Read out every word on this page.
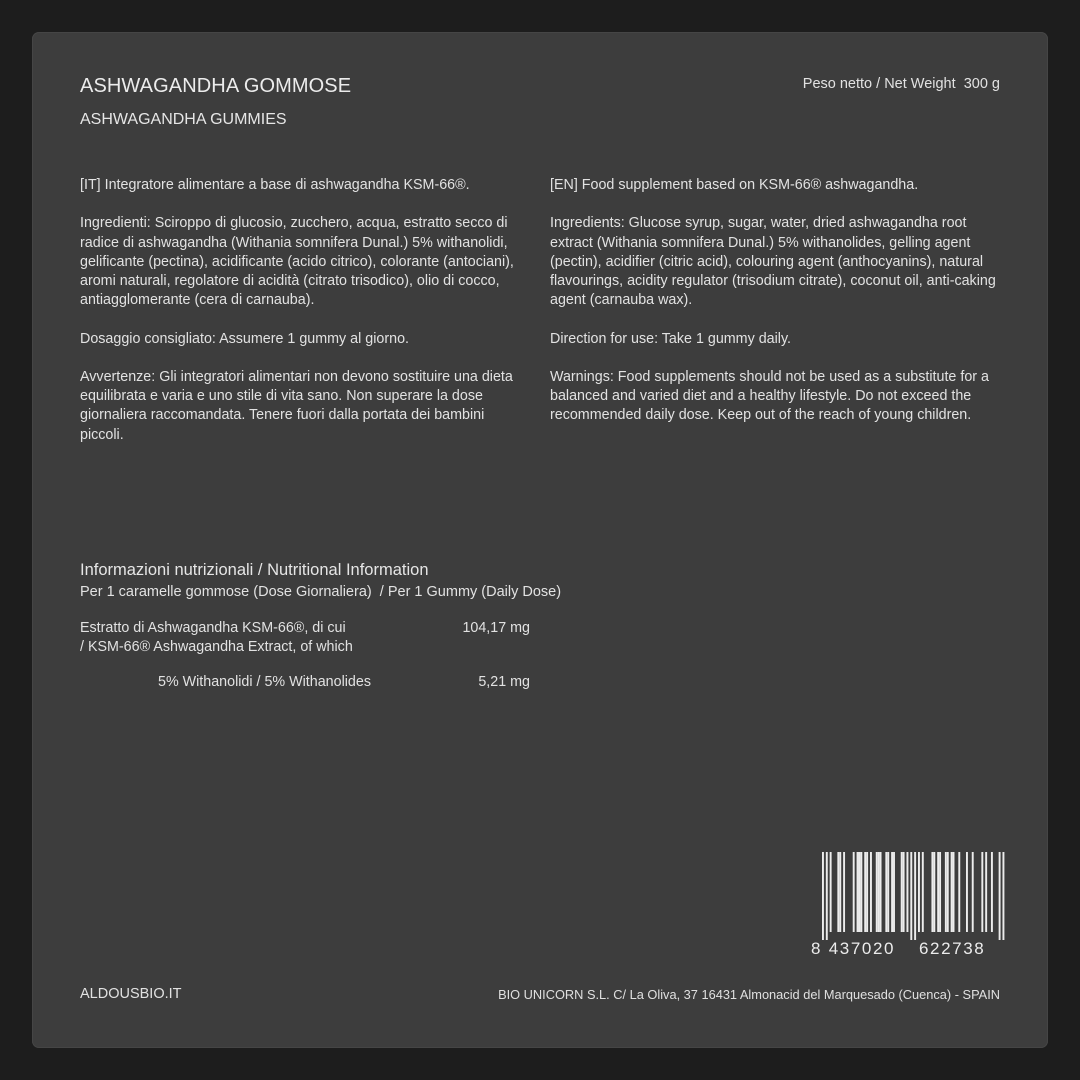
ASHWAGANDHA GOMMOSE
ASHWAGANDHA GUMMIES
Peso netto / Net Weight  300 g

[IT] Integratore alimentare a base di ashwagandha KSM-66®.

Ingredienti: Sciroppo di glucosio, zucchero, acqua, estratto secco di radice di ashwagandha (Withania somnifera Dunal.) 5% withanolidi, gelificante (pectina), acidificante (acido citrico), colorante (antociani), aromi naturali, regolatore di acidità (citrato trisodico), olio di cocco, antiagglomerante (cera di carnauba).

Dosaggio consigliato: Assumere 1 gummy al giorno.

Avvertenze: Gli integratori alimentari non devono sostituire una dieta equilibrata e varia e uno stile di vita sano. Non superare la dose giornaliera raccomandata. Tenere fuori dalla portata dei bambini piccoli.

[EN] Food supplement based on KSM-66® ashwagandha.

Ingredients: Glucose syrup, sugar, water, dried ashwagandha root extract (Withania somnifera Dunal.) 5% withanolides, gelling agent (pectin), acidifier (citric acid), colouring agent (anthocyanins), natural flavourings, acidity regulator (trisodium citrate), coconut oil, anti-caking agent (carnauba wax).

Direction for use: Take 1 gummy daily.

Warnings: Food supplements should not be used as a substitute for a balanced and varied diet and a healthy lifestyle. Do not exceed the recommended daily dose. Keep out of the reach of young children.

Informazioni nutrizionali / Nutritional Information
Per 1 caramelle gommose (Dose Giornaliera)  / Per 1 Gummy (Daily Dose)
Estratto di Ashwagandha KSM-66®, di cui
/ KSM-66® Ashwagandha Extract, of which
104,17 mg
5% Withanolidi / 5% Withanolides	5,21 mg
8 437020 622738
ALDOUSBIO.IT	BIO UNICORN S.L. C/ La Oliva, 37 16431 Almonacid del Marquesado (Cuenca) - SPAIN
